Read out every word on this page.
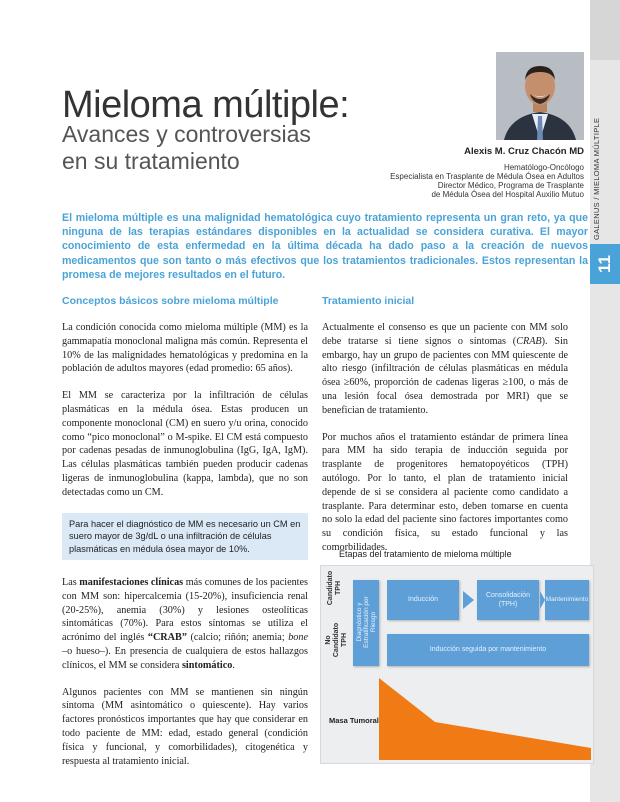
GALENUS / MIELOMA MÚLTIPLE
11
Mieloma múltiple:
Avances y controversias
en su tratamiento	Alexis M. Cruz Chacón MD
Hematólogo-Oncólogo
Especialista en Trasplante de Médula Ósea en Adultos
Director Médico, Programa de Trasplante
de Médula Ósea del Hospital Auxilio Mutuo
El mieloma múltiple es una malignidad hematológica cuyo tratamiento representa un gran reto, ya que ninguna de las terapias estándares disponibles en la actualidad se considera curativa. El mayor conocimiento de esta enfermedad en la última década ha dado paso a la creación de nuevos medicamentos que son tanto o más efectivos que los tratamientos tradicionales. Estos representan la promesa de mejores resultados en el futuro.

Conceptos básicos sobre mieloma múltiple

La condición conocida como mieloma múltiple (MM) es la gammapatía monoclonal maligna más común. Representa el 10% de las malignidades hematológicas y predomina en la población de adultos mayores (edad promedio: 65 años).

El MM se caracteriza por la infiltración de células plasmáticas en la médula ósea. Estas producen un componente monoclonal (CM) en suero y/u orina, conocido como “pico monoclonal” o M-spike. El CM está compuesto por cadenas pesadas de inmunoglobulina (IgG, IgA, IgM). Las células plasmáticas también pueden producir cadenas ligeras de inmunoglobulina (kappa, lambda), que no son detectadas como un CM.

Para hacer el diagnóstico de MM es necesario un CM en suero mayor de 3g/dL o una infiltración de células plasmáticas en médula ósea mayor de 10%.

Las manifestaciones clínicas más comunes de los pacientes con MM son: hipercalcemia (15-20%), insuficiencia renal (20-25%), anemia (30%) y lesiones osteolíticas sintomáticas (70%). Para estos síntomas se utiliza el acrónimo del inglés “CRAB” (calcio; riñón; anemia; bone –o hueso–). En presencia de cualquiera de estos hallazgos clínicos, el MM se considera sintomático.

Algunos pacientes con MM se mantienen sin ningún síntoma (MM asintomático o quiescente). Hay varios factores pronósticos importantes que hay que considerar en todo paciente de MM: edad, estado general (condición física y funcional, y comorbilidades), citogenética y respuesta al tratamiento inicial.

Tratamiento inicial

Actualmente el consenso es que un paciente con MM solo debe tratarse si tiene signos o síntomas (CRAB). Sin embargo, hay un grupo de pacientes con MM quiescente de alto riesgo (infiltración de células plasmáticas en médula ósea ≥60%, proporción de cadenas ligeras ≥100, o más de una lesión focal ósea demostrada por MRI) que se benefician de tratamiento.

Por muchos años el tratamiento estándar de primera línea para MM ha sido terapia de inducción seguida por trasplante de progenitores hematopoyéticos (TPH) autólogo. Por lo tanto, el plan de tratamiento inicial depende de si se considera al paciente como candidato a trasplante. Para determinar esto, deben tomarse en cuenta no solo la edad del paciente sino factores importantes como su condición física, su estado funcional y las comorbilidades.

Etapas del tratamiento de mieloma múltiple
Candidato TPH
No Candidato TPH Diagnóstico y Estratificación por Riesgo
Inducción
Consolidación
(TPH)
Mantenimiento
Inducción seguida por mantenimiento
Masa Tumoral
